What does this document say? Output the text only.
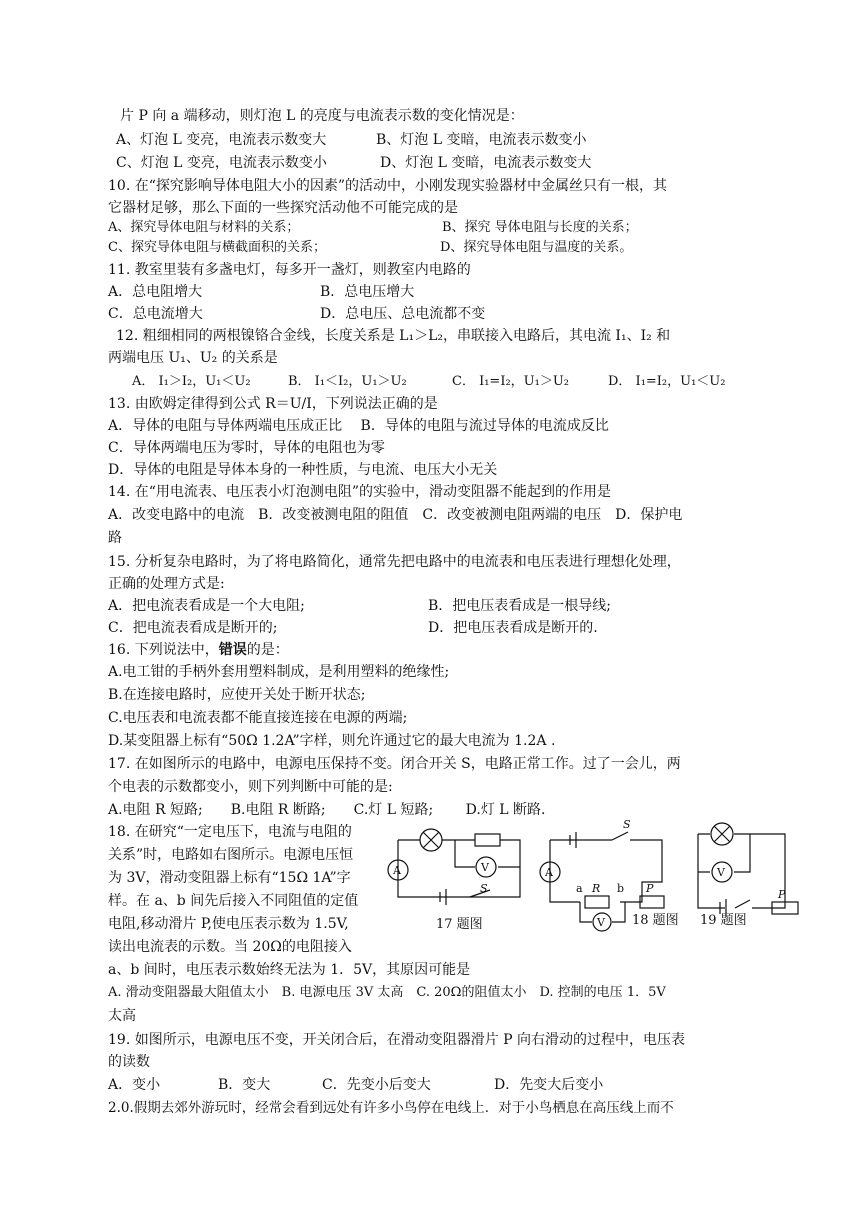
片 P 向 a 端移动，则灯泡 L 的亮度与电流表示数的变化情况是：
A、灯泡 L 变亮，电流表示数变大	B、灯泡 L 变暗，电流表示数变小
C、灯泡 L 变亮，电流表示数变小	D、灯泡 L 变暗，电流表示数变大
10. 在“探究影响导体电阻大小的因素”的活动中，小刚发现实验器材中金属丝只有一根，其
它器材足够，那么下面的一些探究活动他不可能完成的是
A、探究导体电阻与材料的关系；	B、探究 导体电阻与长度的关系；
C、探究导体电阻与横截面积的关系；	D、探究导体电阻与温度的关系。
11. 教室里装有多盏电灯，每多开一盏灯，则教室内电路的
A．总电阻增大	B．总电压增大
C．总电流增大	D．总电压、总电流都不变
12. 粗细相同的两根镍铬合金线，长度关系是 L₁＞L₂，串联接入电路后，其电流 I₁、I₂ 和
两端电压 U₁、U₂ 的关系是
A． I₁＞I₂，U₁＜U₂	B． I₁＜I₂，U₁＞U₂	C． I₁=I₂，U₁＞U₂	D． I₁=I₂，U₁＜U₂
13. 由欧姆定律得到公式 R＝U/I，下列说法正确的是
A．导体的电阻与导体两端电压成正比　 B．导体的电阻与流过导体的电流成反比
C．导体两端电压为零时，导体的电阻也为零
D．导体的电阻是导体本身的一种性质，与电流、电压大小无关
14. 在“用电流表、电压表小灯泡测电阻”的实验中，滑动变阻器不能起到的作用是
A．改变电路中的电流　B．改变被测电阻的阻值　C．改变被测电阻两端的电压　D．保护电
路
15. 分析复杂电路时，为了将电路简化，通常先把电路中的电流表和电压表进行理想化处理，
正确的处理方式是:
A．把电流表看成是一个大电阻;	B．把电压表看成是一根导线;
C．把电流表看成是断开的;	D．把电压表看成是断开的.
16. 下列说法中，错误的是：
A.电工钳的手柄外套用塑料制成，是利用塑料的绝缘性;
B.在连接电路时，应使开关处于断开状态;
C.电压表和电流表都不能直接连接在电源的两端;
D.某变阻器上标有“50Ω 1.2A”字样，则允许通过它的最大电流为 1.2A .
17. 在如图所示的电路中，电源电压保持不变。闭合开关 S，电路正常工作。过了一会儿，两
个电表的示数都变小，则下列判断中可能的是:
A.电阻 R 短路;　　B.电阻 R 断路;　　C.灯 L 短路;　　 D.灯 L 断路.
18. 在研究“一定电压下，电流与电阻的
关系”时，电路如右图所示。电源电压恒
为 3V，滑动变阻器上标有“15Ω 1A”字
样。在 a、b 间先后接入不同阻值的定值
电阻,移动滑片 P,使电压表示数为 1.5V,
读出电流表的示数。当 20Ω的电阻接入
a、b 间时，电压表示数始终无法为 1．5V，其原因可能是
A. 滑动变阻器最大阻值太小　B. 电源电压 3V 太高　C. 20Ω的阻值太小　D. 控制的电压 1．5V
太高
A	V
S
S
A
a R b P
V
V
P
17 题图	18 题图 19 题图
19. 如图所示，电源电压不变，开关闭合后，在滑动变阻器滑片 P 向右滑动的过程中，电压表
的读数
A．变小	B．变大	C．先变小后变大	D．先变大后变小
2.0.假期去郊外游玩时，经常会看到远处有许多小鸟停在电线上．对于小鸟栖息在高压线上而不
